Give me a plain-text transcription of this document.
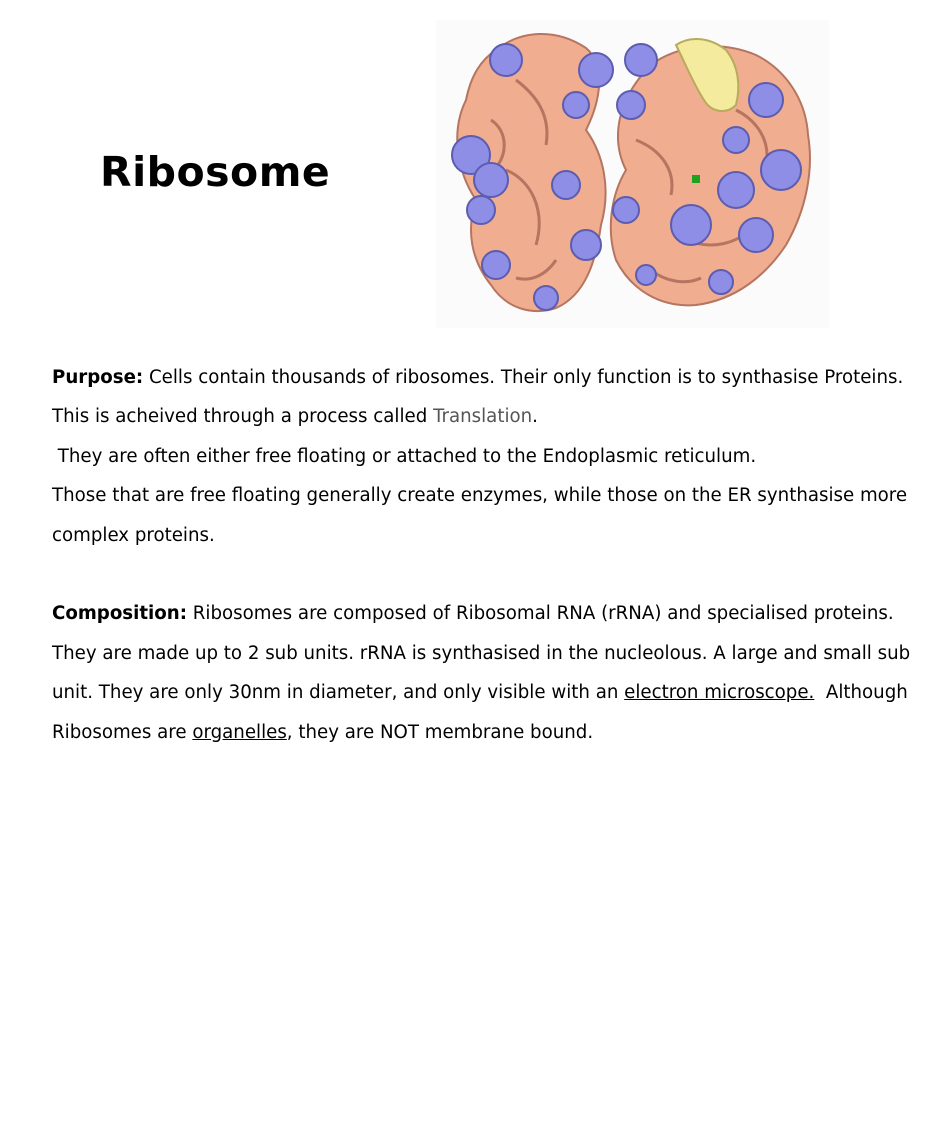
Ribosome

Purpose: Cells contain thousands of ribosomes. Their only function is to synthasise Proteins. This is acheived through a process called Translation.

They are often either free floating or attached to the Endoplasmic reticulum.

Those that are free floating generally create enzymes, while those on the ER synthasise more complex proteins.

Composition: Ribosomes are composed of Ribosomal RNA (rRNA) and specialised proteins. They are made up to 2 sub units. rRNA is synthasised in the nucleolous. A large and small sub unit. They are only 30nm in diameter, and only visible with an electron microscope.  Although Ribosomes are organelles, they are NOT membrane bound.
